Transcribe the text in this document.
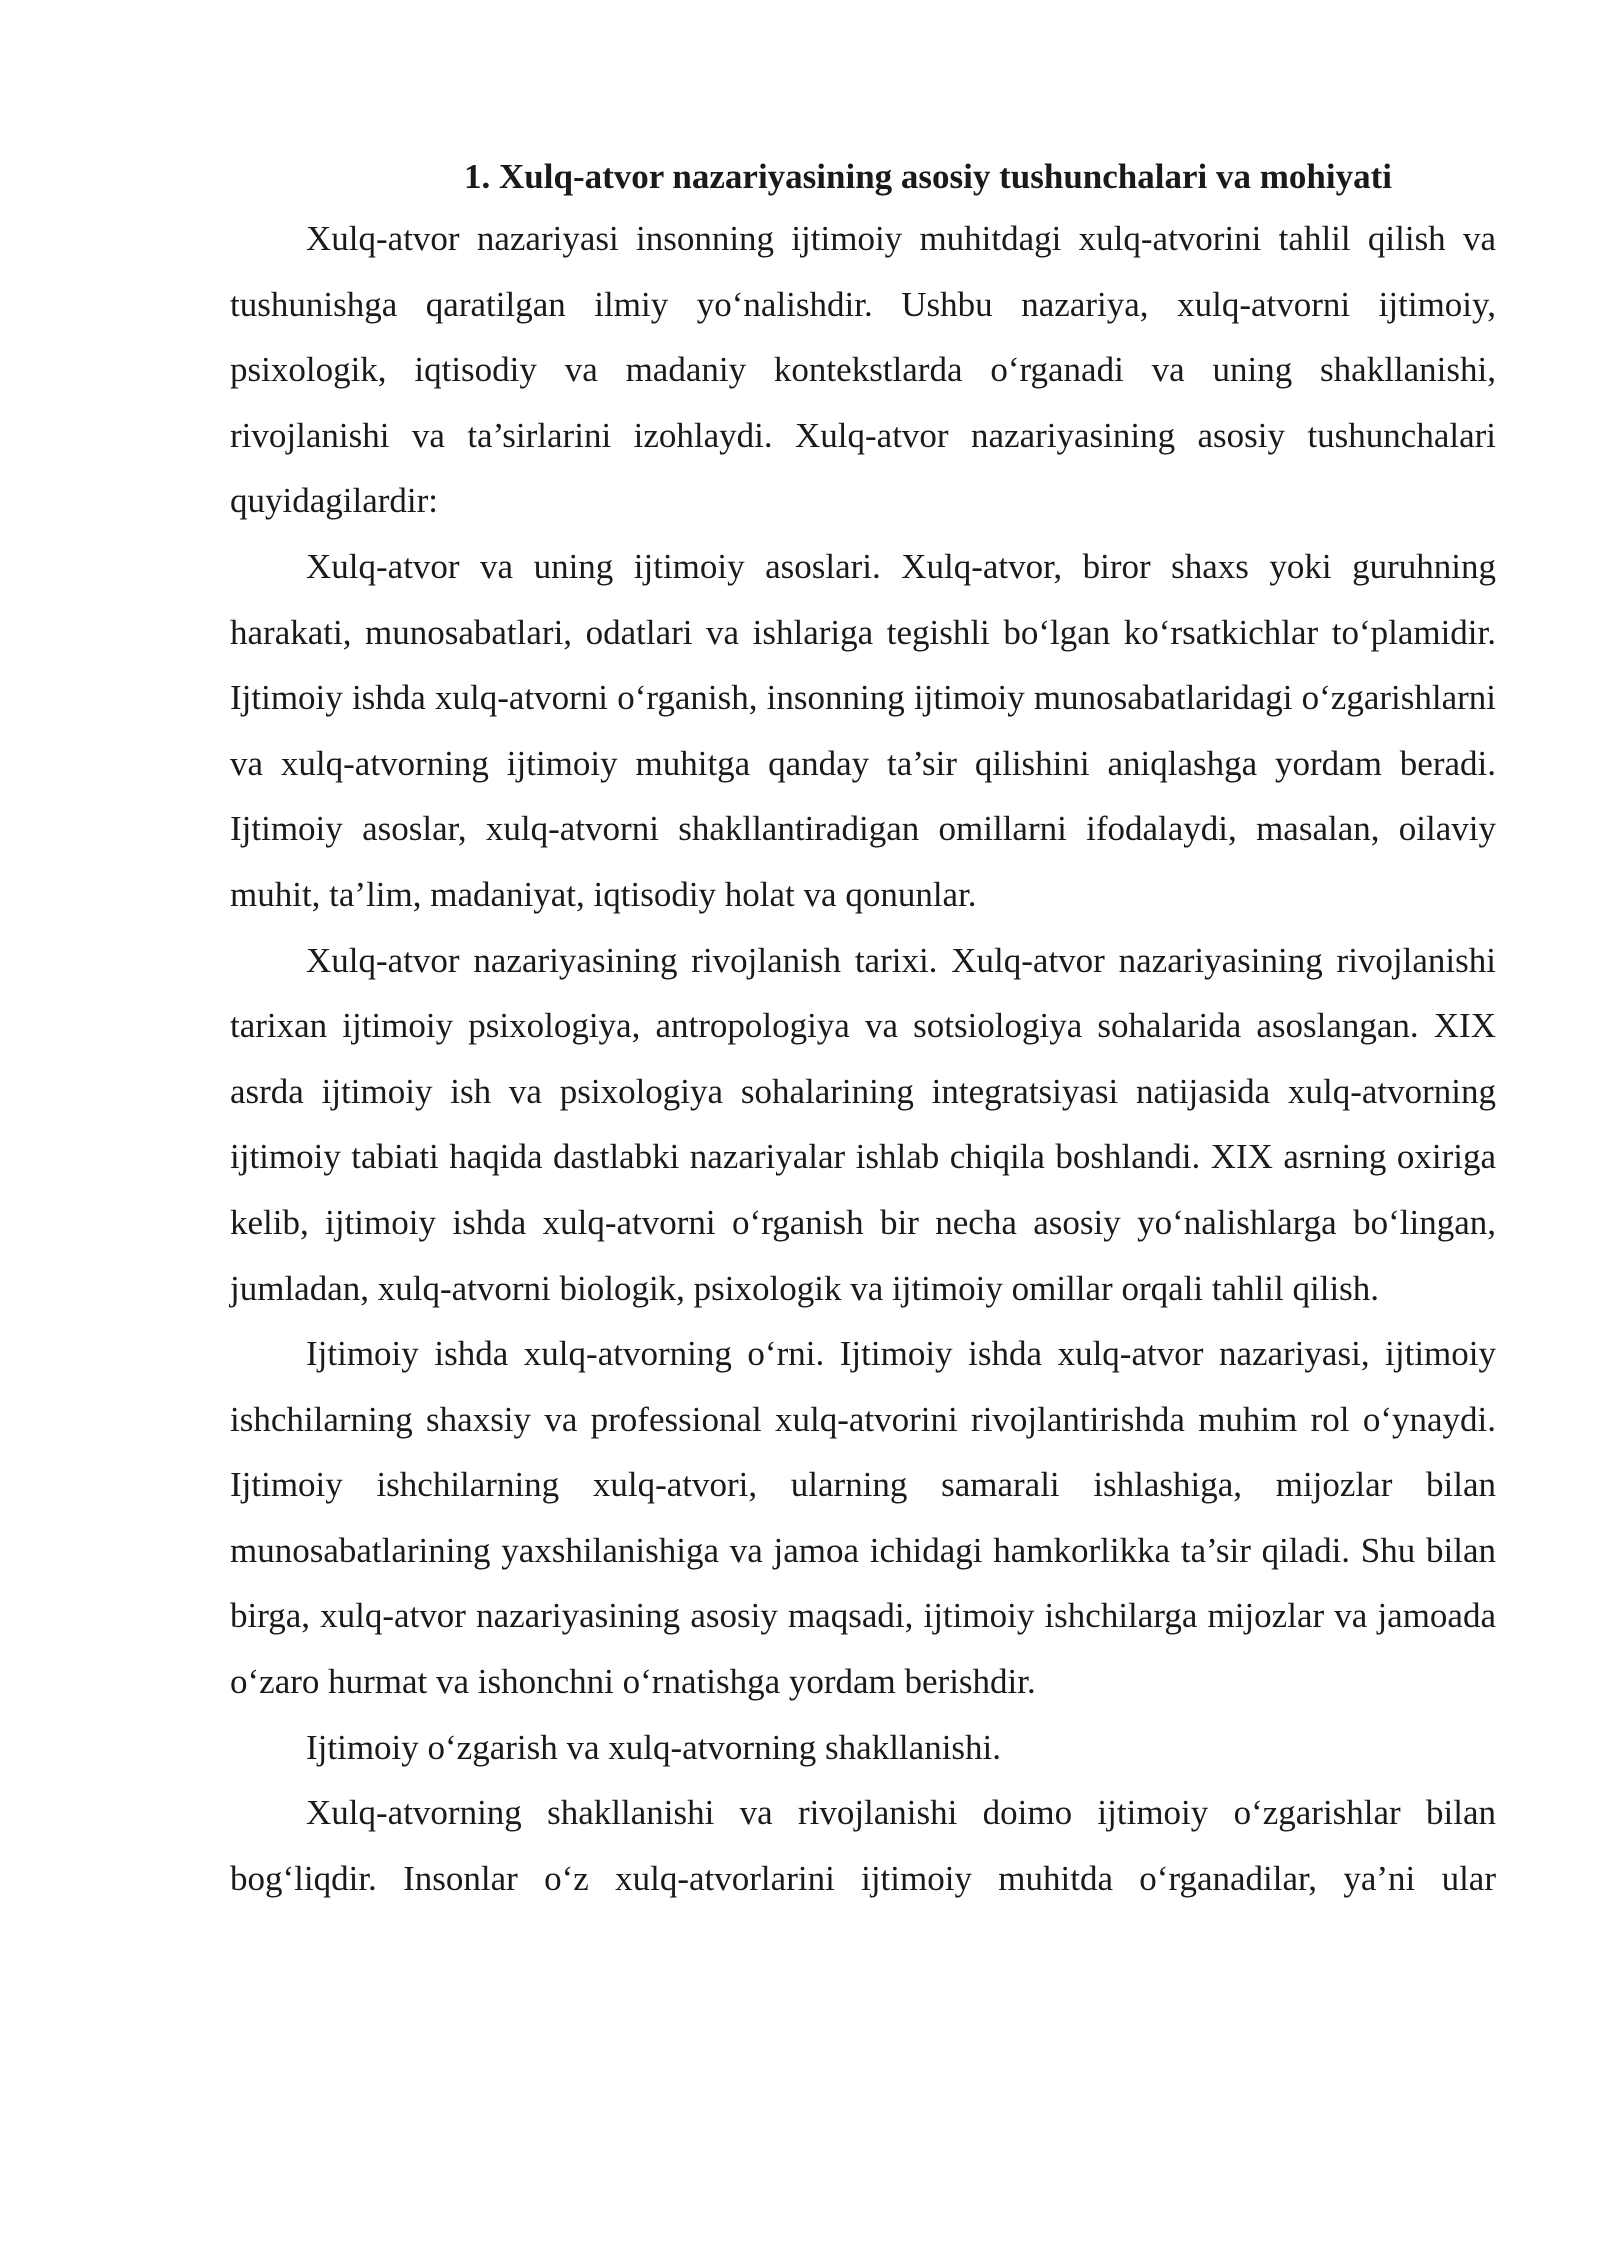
1. Xulq-atvor nazariyasining asosiy tushunchalari va mohiyati

Xulq-atvor nazariyasi insonning ijtimoiy muhitdagi xulq-atvorini tahlil qilish va tushunishga qaratilgan ilmiy yo‘nalishdir. Ushbu nazariya, xulq-atvorni ijtimoiy, psixologik, iqtisodiy va madaniy kontekstlarda o‘rganadi va uning shakllanishi, rivojlanishi va ta’sirlarini izohlaydi. Xulq-atvor nazariyasining asosiy tushunchalari quyidagilardir:

Xulq-atvor va uning ijtimoiy asoslari. Xulq-atvor, biror shaxs yoki guruhning harakati, munosabatlari, odatlari va ishlariga tegishli bo‘lgan ko‘rsatkichlar to‘plamidir. Ijtimoiy ishda xulq-atvorni o‘rganish, insonning ijtimoiy munosabatlaridagi o‘zgarishlarni va xulq-atvorning ijtimoiy muhitga qanday ta’sir qilishini aniqlashga yordam beradi. Ijtimoiy asoslar, xulq-atvorni shakllantiradigan omillarni ifodalaydi, masalan, oilaviy muhit, ta’lim, madaniyat, iqtisodiy holat va qonunlar.

Xulq-atvor nazariyasining rivojlanish tarixi. Xulq-atvor nazariyasining rivojlanishi tarixan ijtimoiy psixologiya, antropologiya va sotsiologiya sohalarida asoslangan. XIX asrda ijtimoiy ish va psixologiya sohalarining integratsiyasi natijasida xulq-atvorning ijtimoiy tabiati haqida dastlabki nazariyalar ishlab chiqila boshlandi. XIX asrning oxiriga kelib, ijtimoiy ishda xulq-atvorni o‘rganish bir necha asosiy yo‘nalishlarga bo‘lingan, jumladan, xulq-atvorni biologik, psixologik va ijtimoiy omillar orqali tahlil qilish.

Ijtimoiy ishda xulq-atvorning o‘rni. Ijtimoiy ishda xulq-atvor nazariyasi, ijtimoiy ishchilarning shaxsiy va professional xulq-atvorini rivojlantirishda muhim rol o‘ynaydi. Ijtimoiy ishchilarning xulq-atvori, ularning samarali ishlashiga, mijozlar bilan munosabatlarining yaxshilanishiga va jamoa ichidagi hamkorlikka ta’sir qiladi. Shu bilan birga, xulq-atvor nazariyasining asosiy maqsadi, ijtimoiy ishchilarga mijozlar va jamoada o‘zaro hurmat va ishonchni o‘rnatishga yordam berishdir.

Ijtimoiy o‘zgarish va xulq-atvorning shakllanishi.

Xulq-atvorning shakllanishi va rivojlanishi doimo ijtimoiy o‘zgarishlar bilan bog‘liqdir. Insonlar o‘z xulq-atvorlarini ijtimoiy muhitda o‘rganadilar, ya’ni ular
